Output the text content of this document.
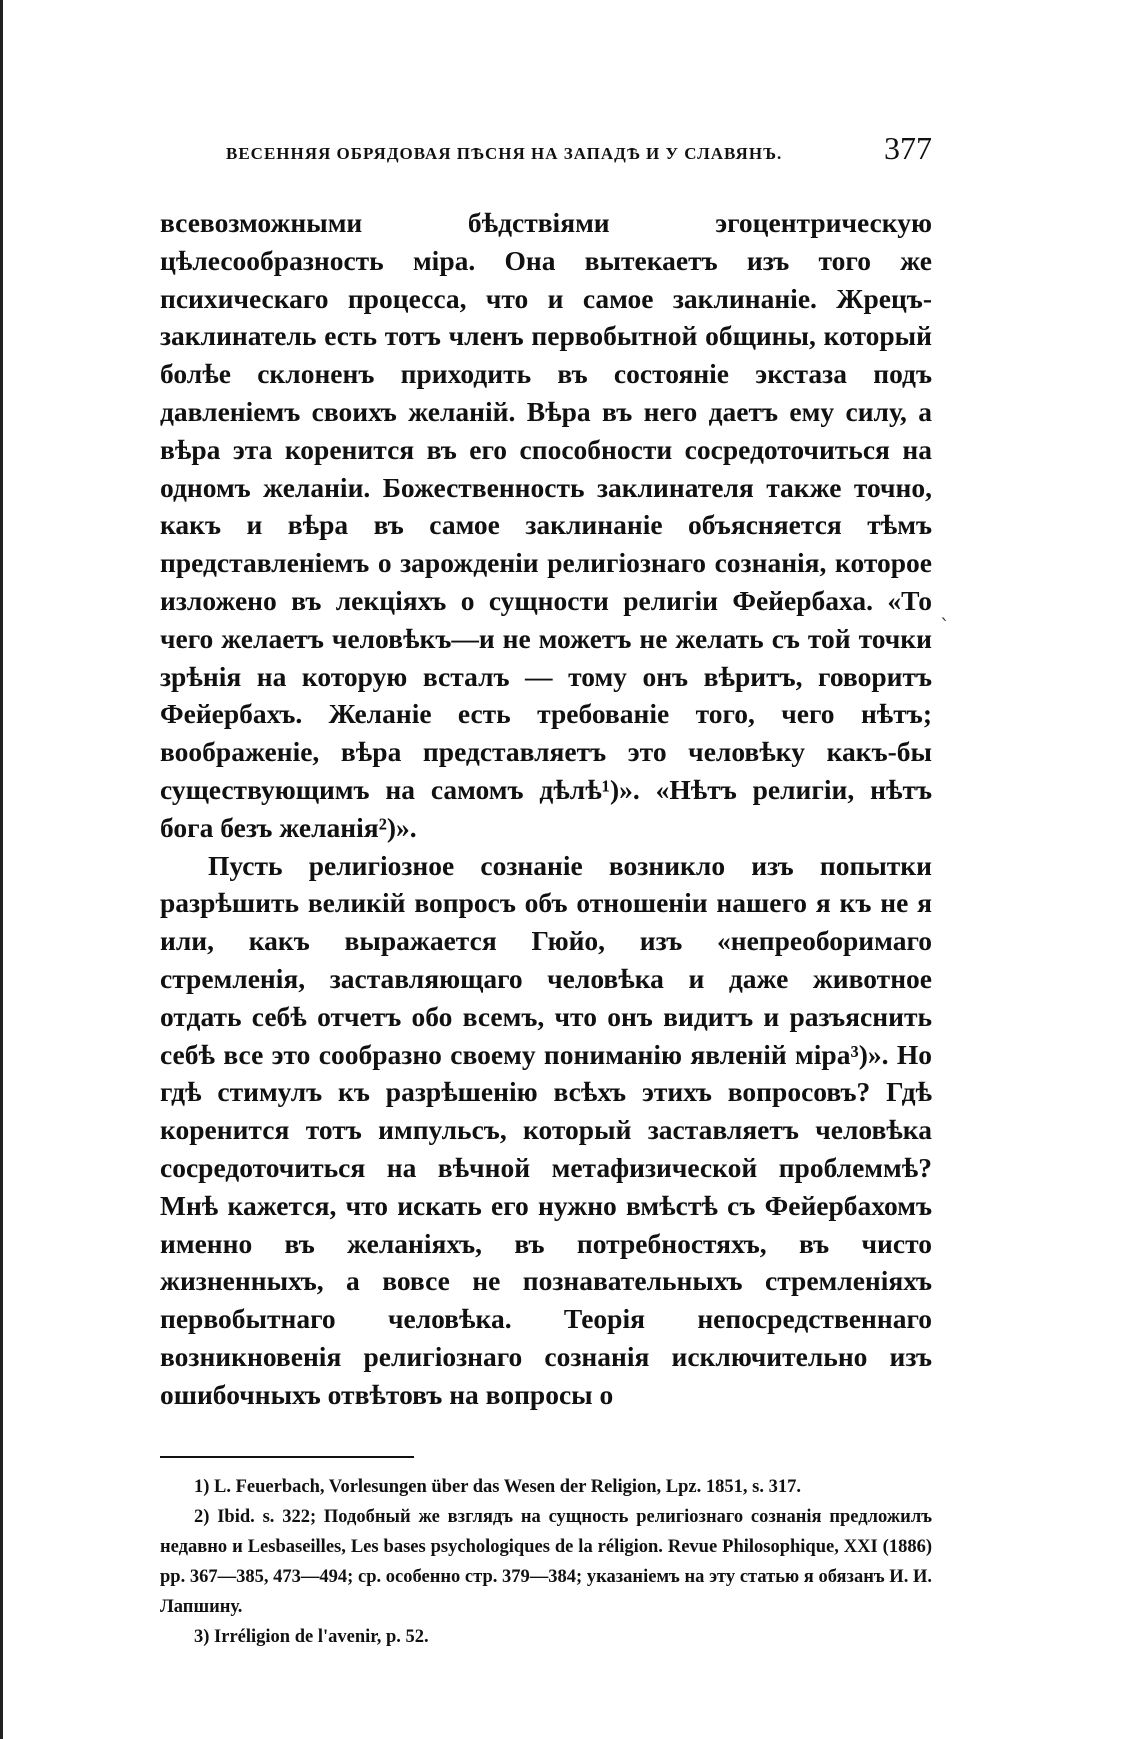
ВЕСЕННЯЯ ОБРЯДОВАЯ ПѢСНЯ НА ЗАПАДѢ И У СЛАВЯНЪ.	377

всевозможными бѣдствіями эгоцентрическую цѣлесообразность міра. Она вытекаетъ изъ того же психическаго процесса, что и самое заклинаніе. Жрецъ-заклинатель есть тотъ членъ первобытной общины, который болѣе склоненъ приходить въ состояніе экстаза подъ давленіемъ своихъ желаній. Вѣра въ него даетъ ему силу, а вѣра эта коренится въ его способности сосредоточиться на одномъ желаніи. Божественность заклинателя также точно, какъ и вѣра въ самое заклинаніе объясняется тѣмъ представленіемъ о зарожденіи религіознаго сознанія, которое изложено въ лекціяхъ о сущности религіи Фейербаха. «То чего желаетъ человѣкъ—и не можетъ не желать съ той точки зрѣнія на которую всталъ — тому онъ вѣритъ, говоритъ Фейербахъ. Желаніе есть требованіе того, чего нѣтъ; воображеніе, вѣра представляетъ это человѣку какъ-бы существующимъ на самомъ дѣлѣ¹)». «Нѣтъ религіи, нѣтъ бога безъ желанія²)».

Пусть религіозное сознаніе возникло изъ попытки разрѣшить великій вопросъ объ отношеніи нашего я къ не я или, какъ выражается Гюйо, изъ «непреоборимаго стремленія, заставляющаго человѣка и даже животное отдать себѣ отчетъ обо всемъ, что онъ видитъ и разъяснить себѣ все это сообразно своему пониманію явленій міра³)». Но гдѣ стимулъ къ разрѣшенію всѣхъ этихъ вопросовъ? Гдѣ коренится тотъ импульсъ, который заставляетъ человѣка сосредоточиться на вѣчной метафизической проблеммѣ? Мнѣ кажется, что искать его нужно вмѣстѣ съ Фейербахомъ именно въ желаніяхъ, въ потребностяхъ, въ чисто жизненныхъ, а вовсе не познавательныхъ стремленіяхъ первобытнаго человѣка. Теорія непосредственнаго возникновенія религіознаго сознанія исключительно изъ ошибочныхъ отвѣтовъ на вопросы о

1) L. Feuerbach, Vorlesungen über das Wesen der Religion, Lpz. 1851, s. 317.

2) Ibid. s. 322; Подобный же взглядъ на сущность религіознаго сознанія предложилъ недавно и Lesbaseilles, Les bases psychologiques de la réligion. Revue Philosophique, XXI (1886) pp. 367—385, 473—494; ср. особенно стр. 379—384; указаніемъ на эту статью я обязанъ И. И. Лапшину.

3) Irréligion de l'avenir, p. 52.

`
